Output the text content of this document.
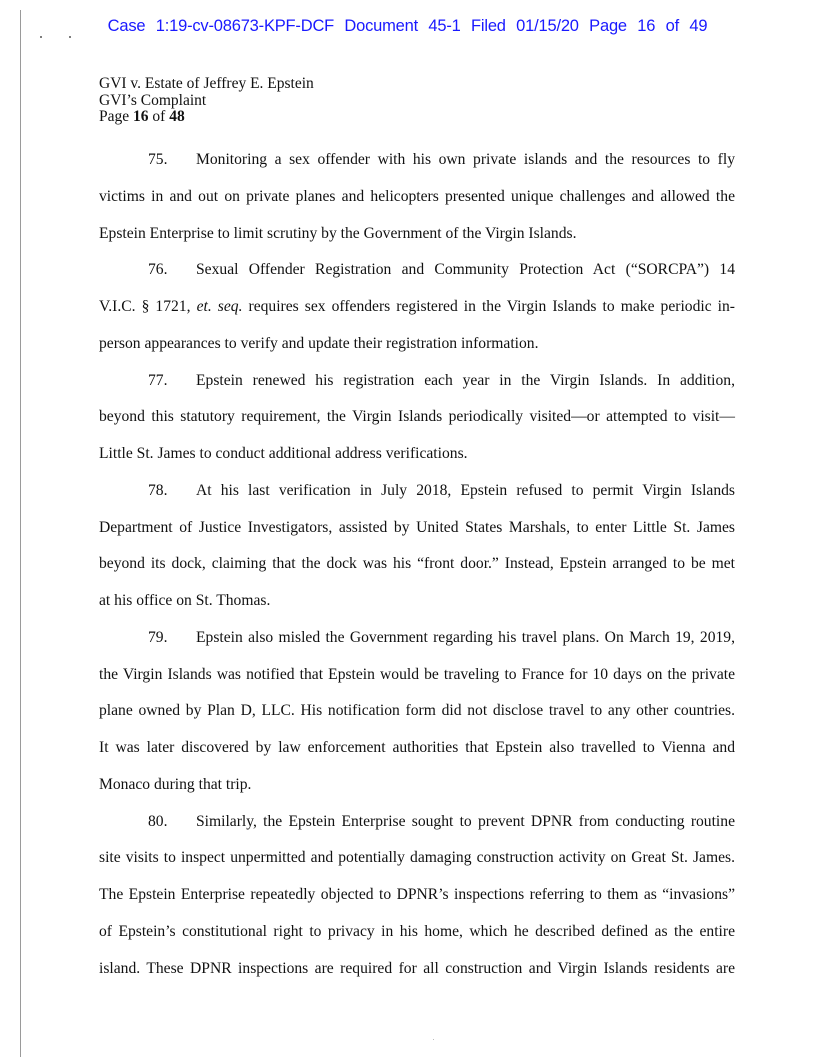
Case 1:19-cv-08673-KPF-DCF Document 45-1 Filed 01/15/20 Page 16 of 49
GVI v. Estate of Jeffrey E. Epstein
GVI’s Complaint
Page 16 of 48
75. Monitoring a sex offender with his own private islands and the resources to fly
victims in and out on private planes and helicopters presented unique challenges and allowed the
Epstein Enterprise to limit scrutiny by the Government of the Virgin Islands.
76. Sexual Offender Registration and Community Protection Act (“SORCPA”) 14
V.I.C. § 1721, et. seq. requires sex offenders registered in the Virgin Islands to make periodic in-
person appearances to verify and update their registration information.
77. Epstein renewed his registration each year in the Virgin Islands. In addition,
beyond this statutory requirement, the Virgin Islands periodically visited—or attempted to visit—
Little St. James to conduct additional address verifications.
78. At his last verification in July 2018, Epstein refused to permit Virgin Islands
Department of Justice Investigators, assisted by United States Marshals, to enter Little St. James
beyond its dock, claiming that the dock was his “front door.” Instead, Epstein arranged to be met
at his office on St. Thomas.
79. Epstein also misled the Government regarding his travel plans. On March 19, 2019,
the Virgin Islands was notified that Epstein would be traveling to France for 10 days on the private
plane owned by Plan D, LLC. His notification form did not disclose travel to any other countries.
It was later discovered by law enforcement authorities that Epstein also travelled to Vienna and
Monaco during that trip.
80. Similarly, the Epstein Enterprise sought to prevent DPNR from conducting routine
site visits to inspect unpermitted and potentially damaging construction activity on Great St. James.
The Epstein Enterprise repeatedly objected to DPNR’s inspections referring to them as “invasions”
of Epstein’s constitutional right to privacy in his home, which he described defined as the entire
island. These DPNR inspections are required for all construction and Virgin Islands residents are
